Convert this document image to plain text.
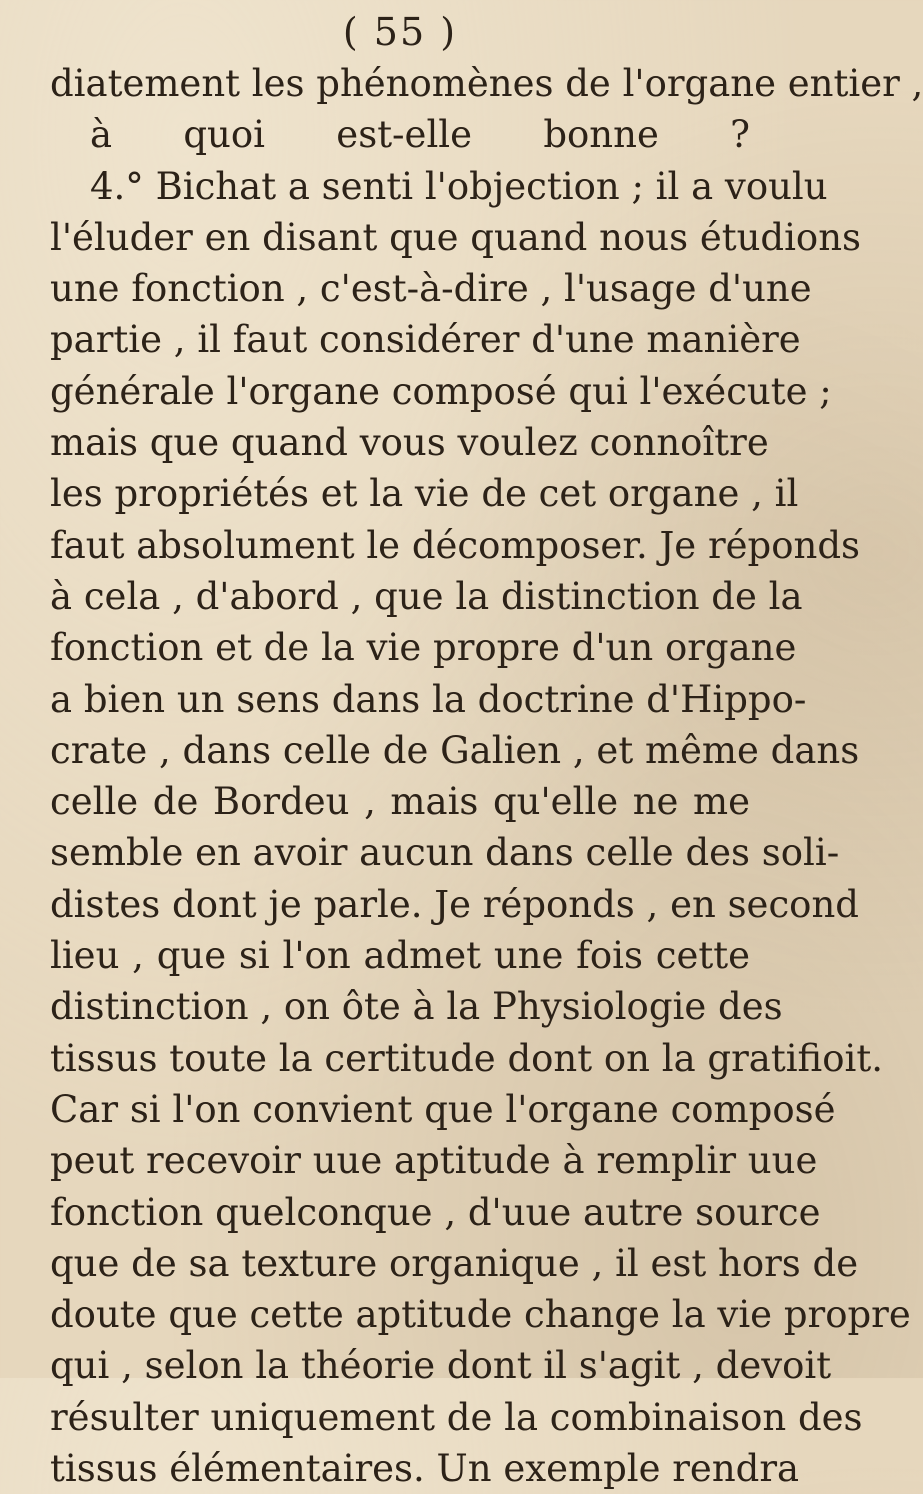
( 55 )
diatement les phénomènes de l'organe entier ,
à quoi est-elle bonne ?
4.° Bichat a senti l'objection ; il a voulu
l'éluder en disant que quand nous étudions
une fonction , c'est-à-dire , l'usage d'une
partie , il faut considérer d'une manière
générale l'organe composé qui l'exécute ;
mais que quand vous voulez connoître
les propriétés et la vie de cet organe , il
faut absolument le décomposer. Je réponds
à cela , d'abord , que la distinction de la
fonction et de la vie propre d'un organe
a bien un sens dans la doctrine d'Hippo-
crate , dans celle de Galien , et même dans
celle de Bordeu , mais qu'elle ne me
semble en avoir aucun dans celle des soli-
distes dont je parle. Je réponds , en second
lieu , que si l'on admet une fois cette
distinction , on ôte à la Physiologie des
tissus toute la certitude dont on la gratifioit.
Car si l'on convient que l'organe composé
peut recevoir uue aptitude à remplir uue
fonction quelconque , d'uue autre source
que de sa texture organique , il est hors de
doute que cette aptitude change la vie propre
qui , selon la théorie dont il s'agit , devoit
résulter uniquement de la combinaison des
tissus élémentaires. Un exemple rendra
